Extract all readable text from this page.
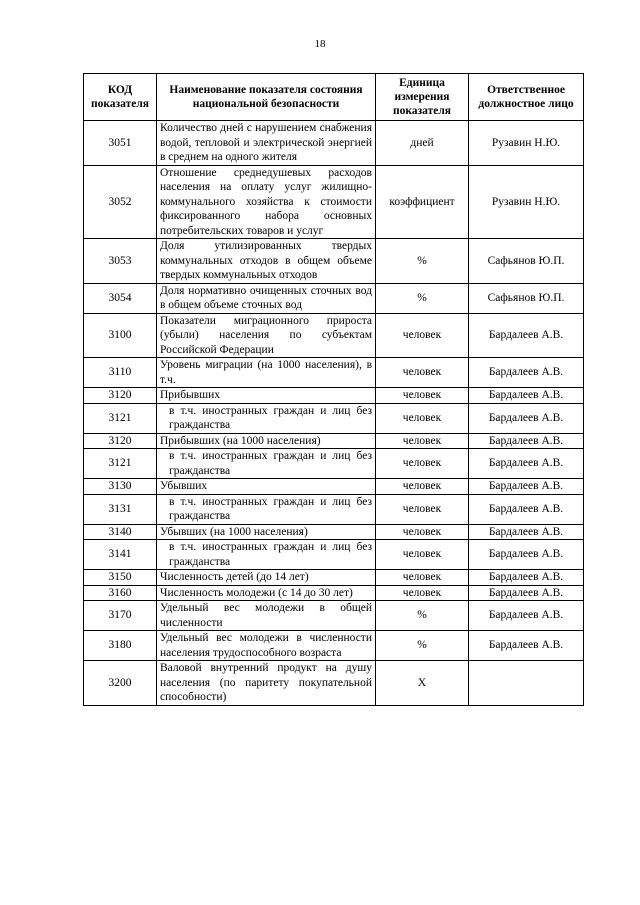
18
КОД показателя	Наименование показателя состояния национальной безопасности	Единица измерения показателя	Ответственное должностное лицо
3051	Количество дней с нарушением снабжения водой, тепловой и электрической энергией в среднем на одного жителя	дней	Рузавин Н.Ю.
3052	Отношение среднедушевых расходов населения на оплату услуг жилищно-коммунального хозяйства к стоимости фиксированного набора основных потребительских товаров и услуг	коэффициент	Рузавин Н.Ю.
3053	Доля утилизированных твердых коммунальных отходов в общем объеме твердых коммунальных отходов	%	Сафьянов Ю.П.
3054	Доля нормативно очищенных сточных вод в общем объеме сточных вод	%	Сафьянов Ю.П.
3100	Показатели миграционного прироста (убыли) населения по субъектам Российской Федерации	человек	Бардалеев А.В.
3110	Уровень миграции (на 1000 населения), в т.ч.	человек	Бардалеев А.В.
3120	Прибывших	человек	Бардалеев А.В.
3121	в т.ч. иностранных граждан и лиц без гражданства	человек	Бардалеев А.В.
3120	Прибывших (на 1000 населения)	человек	Бардалеев А.В.
3121	в т.ч. иностранных граждан и лиц без гражданства	человек	Бардалеев А.В.
3130	Убывших	человек	Бардалеев А.В.
3131	в т.ч. иностранных граждан и лиц без гражданства	человек	Бардалеев А.В.
3140	Убывших (на 1000 населения)	человек	Бардалеев А.В.
3141	в т.ч. иностранных граждан и лиц без гражданства	человек	Бардалеев А.В.
3150	Численность детей (до 14 лет)	человек	Бардалеев А.В.
3160	Численность молодежи (с 14 до 30 лет)	человек	Бардалеев А.В.
3170	Удельный вес молодежи в общей численности	%	Бардалеев А.В.
3180	Удельный вес молодежи в численности населения трудоспособного возраста	%	Бардалеев А.В.
3200	Валовой внутренний продукт на душу населения (по паритету покупательной способности)	X	
